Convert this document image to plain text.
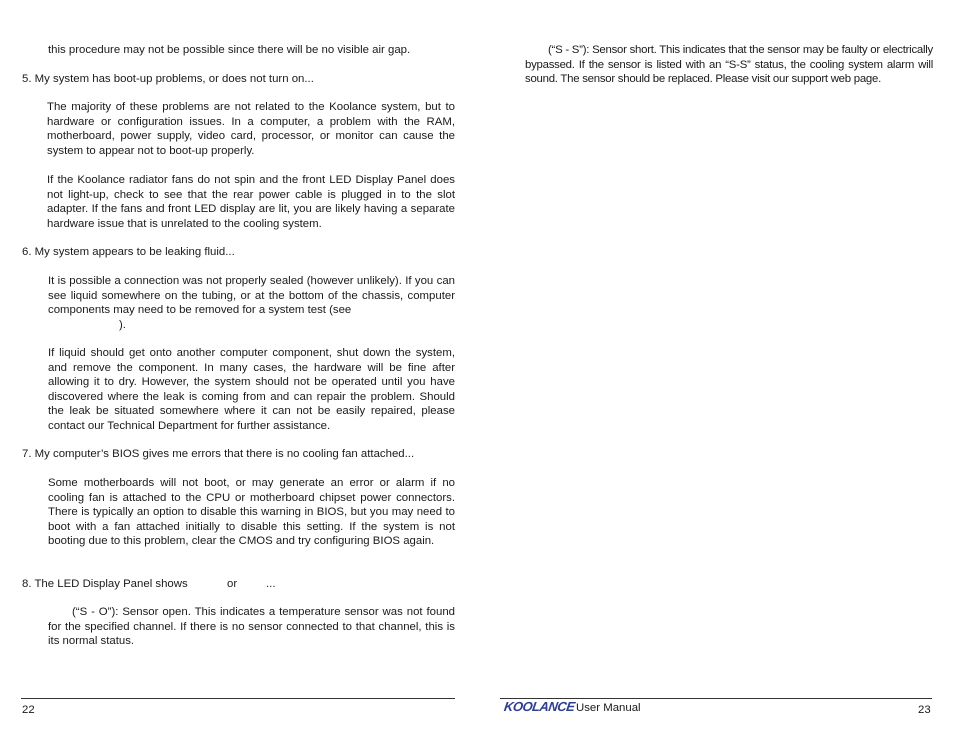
this procedure may not be possible since there will be no visible air gap.

5. My system has boot-up problems, or does not turn on...

The majority of these problems are not related to the Koolance system, but to hardware or configuration issues. In a computer, a problem with the RAM, motherboard, power supply, video card, processor, or monitor can cause the system to appear not to boot-up properly.

If the Koolance radiator fans do not spin and the front LED Display Panel does not light-up, check to see that the rear power cable is plugged in to the slot adapter. If the fans and front LED display are lit, you are likely having a separate hardware issue that is unrelated to the cooling system.

6. My system appears to be leaking fluid...

It is possible a connection was not properly sealed (however unlikely). If you can see liquid somewhere on the tubing, or at the bottom of the chassis, computer components may need to be removed for a system test (see

).

If liquid should get onto another computer component, shut down the system, and remove the component. In many cases, the hardware will be fine after allowing it to dry. However, the system should not be operated until you have discovered where the leak is coming from and can repair the problem. Should the leak be situated somewhere where it can not be easily repaired, please contact our Technical Department for further assistance.

7. My computer’s BIOS gives me errors that there is no cooling fan attached...

Some motherboards will not boot, or may generate an error or alarm if no cooling fan is attached to the CPU or motherboard chipset power connectors. There is typically an option to disable this warning in BIOS, but you may need to boot with a fan attached initially to disable this setting. If the system is not booting due to this problem, clear the CMOS and try configuring BIOS again.

8. The LED Display Panel shows	or	...

(“S - O”): Sensor open. This indicates a temperature sensor was not found for the specified channel. If there is no sensor connected to that channel, this is its normal status.

22

(“S - S”): Sensor short. This indicates that the sensor may be faulty or electrically bypassed. If the sensor is listed with an “S-S” status, the cooling system alarm will sound. The sensor should be replaced. Please visit our support web page.

KOOLANCE User Manual	23
